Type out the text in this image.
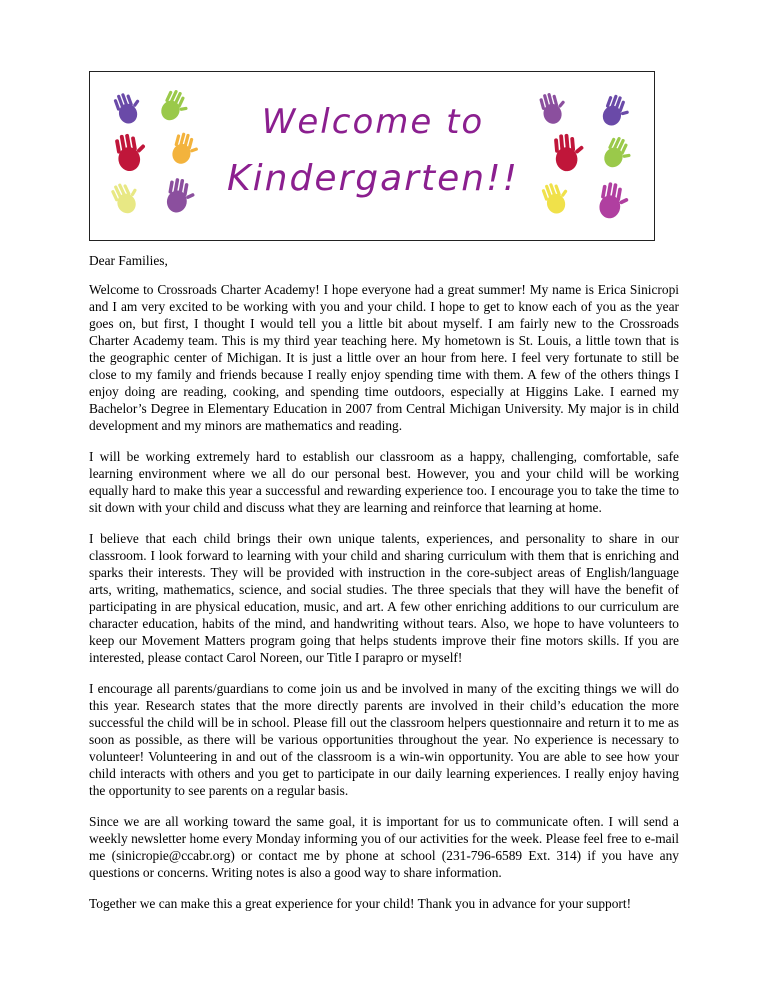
Welcome to
Kindergarten!!

Dear Families,

Welcome to Crossroads Charter Academy! I hope everyone had a great summer! My name is Erica Sinicropi and I am very excited to be working with you and your child. I hope to get to know each of you as the year goes on, but first, I thought I would tell you a little bit about myself. I am fairly new to the Crossroads Charter Academy team. This is my third year teaching here. My hometown is St. Louis, a little town that is the geographic center of Michigan. It is just a little over an hour from here. I feel very fortunate to still be close to my family and friends because I really enjoy spending time with them. A few of the others things I enjoy doing are reading, cooking, and spending time outdoors, especially at Higgins Lake. I earned my Bachelor’s Degree in Elementary Education in 2007 from Central Michigan University. My major is in child development and my minors are mathematics and reading.

I will be working extremely hard to establish our classroom as a happy, challenging, comfortable, safe learning environment where we all do our personal best. However, you and your child will be working equally hard to make this year a successful and rewarding experience too. I encourage you to take the time to sit down with your child and discuss what they are learning and reinforce that learning at home.

I believe that each child brings their own unique talents, experiences, and personality to share in our classroom. I look forward to learning with your child and sharing curriculum with them that is enriching and sparks their interests. They will be provided with instruction in the core-subject areas of English/language arts, writing, mathematics, science, and social studies. The three specials that they will have the benefit of participating in are physical education, music, and art. A few other enriching additions to our curriculum are character education, habits of the mind, and handwriting without tears. Also, we hope to have volunteers to keep our Movement Matters program going that helps students improve their fine motors skills. If you are interested, please contact Carol Noreen, our Title I parapro or myself!

I encourage all parents/guardians to come join us and be involved in many of the exciting things we will do this year. Research states that the more directly parents are involved in their child’s education the more successful the child will be in school. Please fill out the classroom helpers questionnaire and return it to me as soon as possible, as there will be various opportunities throughout the year. No experience is necessary to volunteer! Volunteering in and out of the classroom is a win-win opportunity. You are able to see how your child interacts with others and you get to participate in our daily learning experiences. I really enjoy having the opportunity to see parents on a regular basis.

Since we are all working toward the same goal, it is important for us to communicate often. I will send a weekly newsletter home every Monday informing you of our activities for the week. Please feel free to e-mail me (sinicropie@ccabr.org) or contact me by phone at school (231-796-6589 Ext. 314) if you have any questions or concerns. Writing notes is also a good way to share information.

Together we can make this a great experience for your child! Thank you in advance for your support!
